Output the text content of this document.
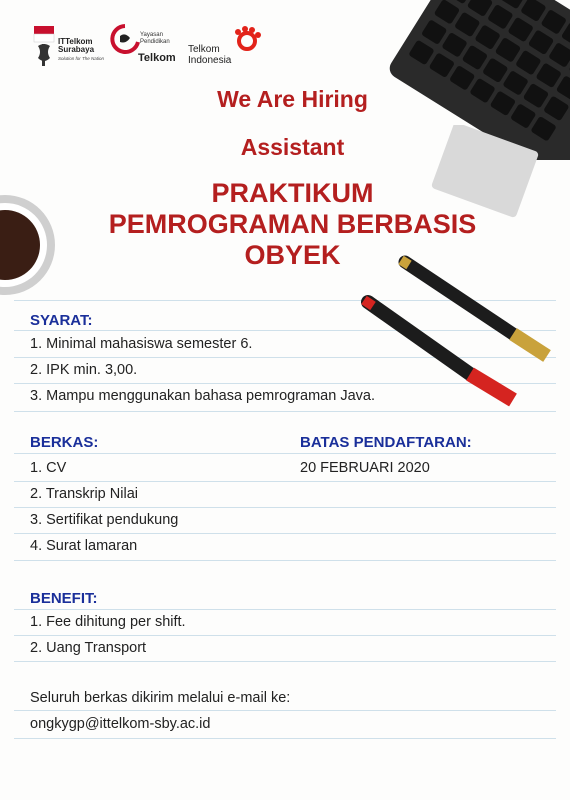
ITTelkom
Surabaya
Solution for The Nation
Yayasan
Pendidikan
Telkom
Telkom
Indonesia
We Are Hiring
Assistant
PRAKTIKUM
PEMROGRAMAN BERBASIS
OBYEK
SYARAT:
1. Minimal mahasiswa semester 6.
2. IPK min. 3,00.
3. Mampu menggunakan bahasa pemrograman Java.
BERKAS:
1. CV
2. Transkrip Nilai
3. Sertifikat pendukung
4. Surat lamaran
BATAS PENDAFTARAN:
20 FEBRUARI 2020
BENEFIT:
1. Fee dihitung per shift.
2. Uang Transport
Seluruh berkas dikirim melalui e-mail ke:
ongkygp@ittelkom-sby.ac.id
